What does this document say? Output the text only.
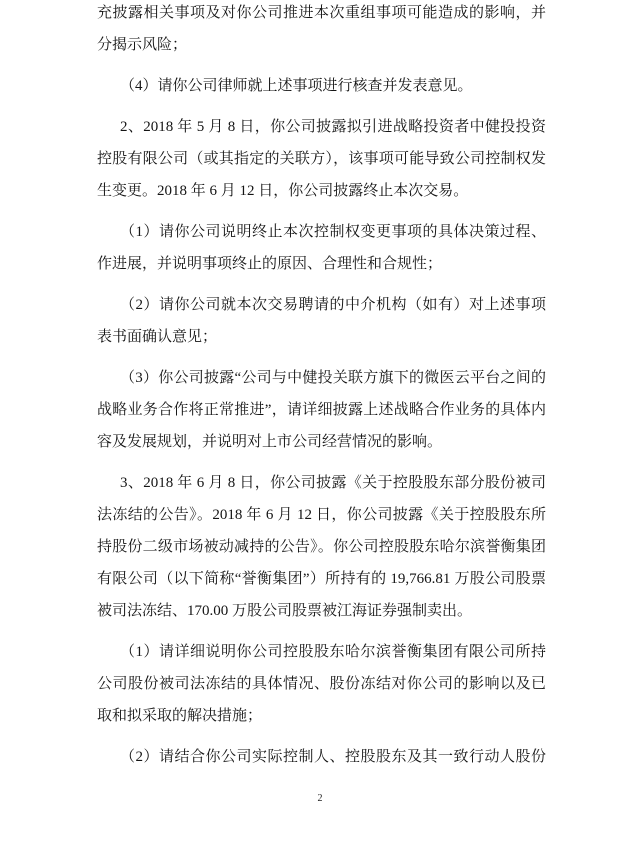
充披露相关事项及对你公司推进本次重组事项可能造成的影响，并
分揭示风险；
（4）请你公司律师就上述事项进行核查并发表意见。
2、2018 年 5 月 8 日，你公司披露拟引进战略投资者中健投投资
控股有限公司（或其指定的关联方），该事项可能导致公司控制权发
生变更。2018 年 6 月 12 日，你公司披露终止本次交易。
（1）请你公司说明终止本次控制权变更事项的具体决策过程、
作进展，并说明事项终止的原因、合理性和合规性；
（2）请你公司就本次交易聘请的中介机构（如有）对上述事项
表书面确认意见；
（3）你公司披露“公司与中健投关联方旗下的微医云平台之间的
战略业务合作将正常推进”，请详细披露上述战略合作业务的具体内
容及发展规划，并说明对上市公司经营情况的影响。
3、2018 年 6 月 8 日，你公司披露《关于控股股东部分股份被司
法冻结的公告》。2018 年 6 月 12 日，你公司披露《关于控股股东所
持股份二级市场被动减持的公告》。你公司控股股东哈尔滨誉衡集团
有限公司（以下简称“誉衡集团”）所持有的 19,766.81 万股公司股票
被司法冻结、170.00 万股公司股票被江海证券强制卖出。
（1）请详细说明你公司控股股东哈尔滨誉衡集团有限公司所持
公司股份被司法冻结的具体情况、股份冻结对你公司的影响以及已
取和拟采取的解决措施；
（2）请结合你公司实际控制人、控股股东及其一致行动人股份
2
